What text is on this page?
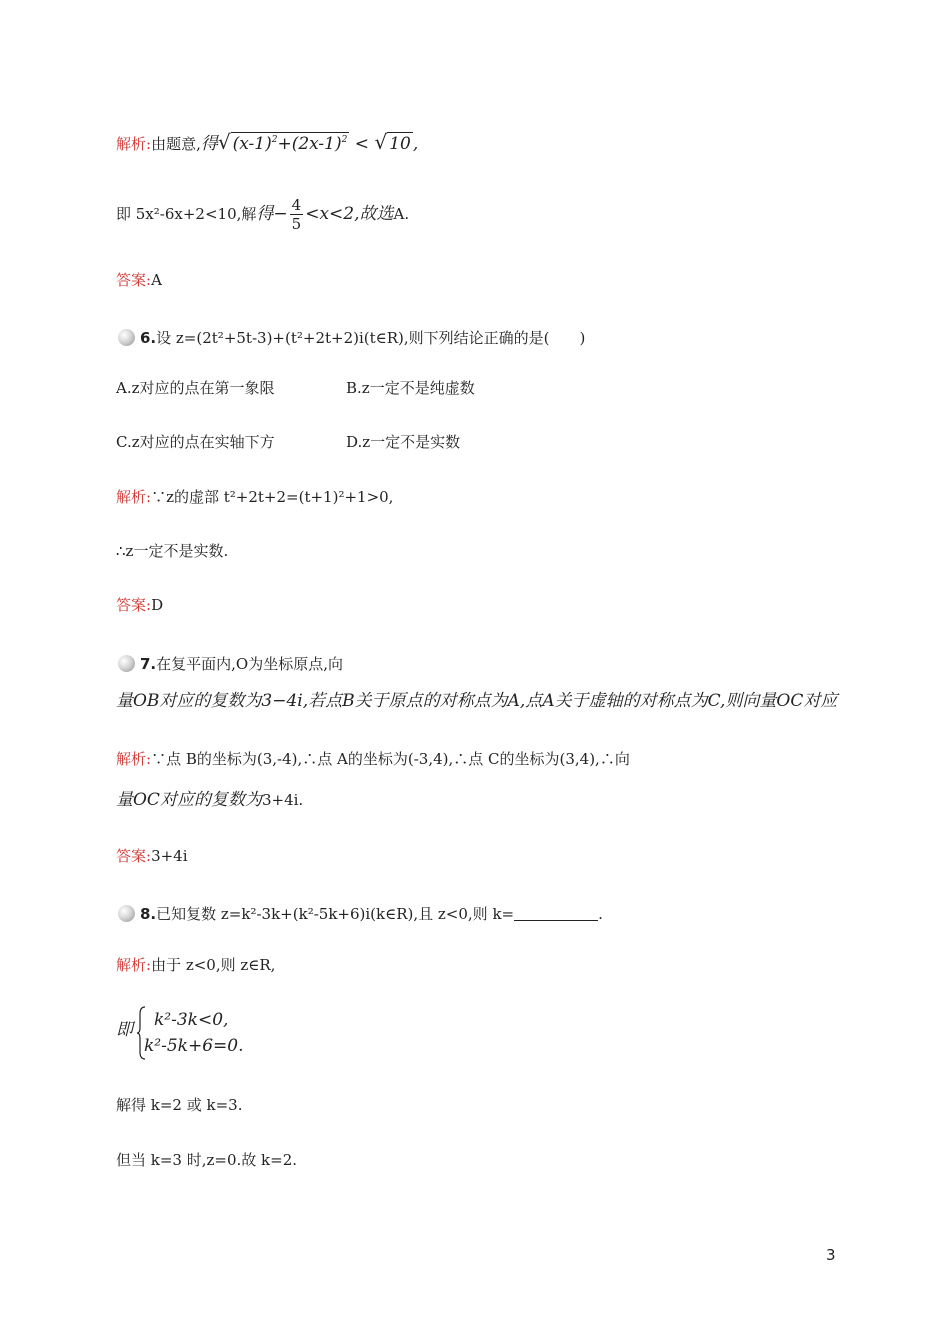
解析:由题意,得√ $(x-1)^2+(2x-1)^2$ < √ 10 ,
即 5x²-6x+2<10,解得− $\frac{4}{5} <x<2$,故选A.
答案:A
6.设 z=(2t²+5t-3)+(t²+2t+2)i(t∈R),则下列结论正确的是(　　)
A.z对应的点在第一象限	B.z一定不是纯虚数
C.z对应的点在实轴下方	D.z一定不是实数
解析:∵z的虚部 t²+2t+2=(t+1)²+1>0,
∴z一定不是实数.
答案:D
7.在复平面内,O为坐标原点,向
量OB对应的复数为3−4i,若点B关于原点的对称点为A,点A关于虚轴的对称点为C,则向量OC对应
解析:∵点 B的坐标为(3,-4),∴点 A的坐标为(-3,4),∴点 C的坐标为(3,4),∴向
量OC对应的复数为3+4i.
答案:3+4i
8.已知复数 z=k²-3k+(k²-5k+6)i(k∈R),且 z<0,则 k=	.
解析:由于 z<0,则 z∈R,
即 k²-3k<0,
k²-5k+6=0.
解得 k=2 或 k=3.
但当 k=3 时,z=0.故 k=2.
3
